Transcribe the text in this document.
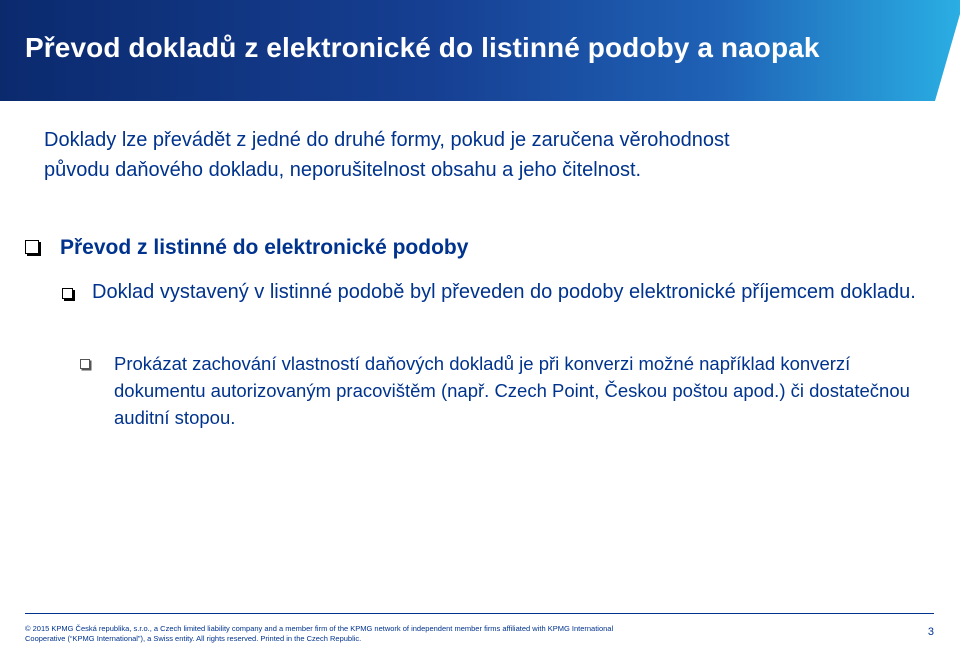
Převod dokladů z elektronické do listinné podoby a naopak
Doklady lze převádět z jedné do druhé formy, pokud je zaručena věrohodnost
původu daňového dokladu, neporušitelnost obsahu a jeho čitelnost.
Převod z listinné do elektronické podoby
Doklad vystavený v listinné podobě byl převeden do podoby elektronické příjemcem dokladu.
Prokázat zachování vlastností daňových dokladů je při konverzi možné například konverzí dokumentu autorizovaným pracovištěm (např. Czech Point, Českou poštou apod.) či dostatečnou auditní stopou.
© 2015 KPMG Česká republika, s.r.o., a Czech limited liability company and a member firm of the KPMG network of independent member firms affiliated with KPMG International
Cooperative (“KPMG International”), a Swiss entity. All rights reserved. Printed in the Czech Republic.
3
